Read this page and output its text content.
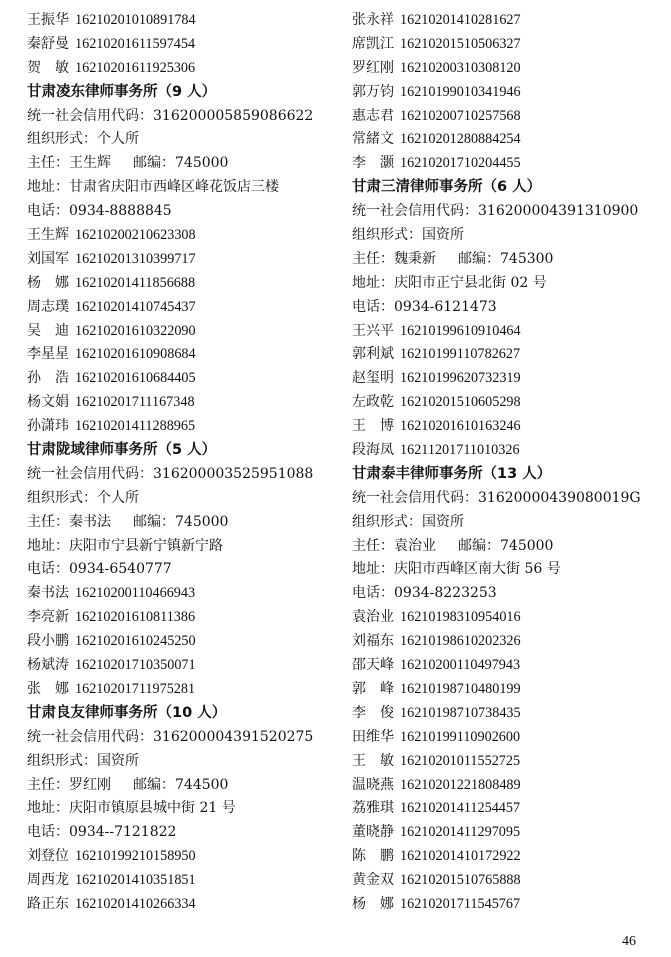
王振华 16210201010891784
秦舒曼 16210201611597454
贺　敏 16210201611925306
甘肃凌东律师事务所（9 人）
统一社会信用代码：316200005859086622
组织形式：个人所
主任：王生辉 邮编：745000
地址：甘肃省庆阳市西峰区峰花饭店三楼
电话：0934-8888845
王生辉 16210200210623308
刘国军 16210201310399717
杨　娜 16210201411856688
周志璞 16210201410745437
吴　迪 16210201610322090
李星星 16210201610908684
孙　浩 16210201610684405
杨文娟 16210201711167348
孙潇玮 16210201411288965
甘肃陇域律师事务所（5 人）
统一社会信用代码：316200003525951088
组织形式：个人所
主任：秦书法 邮编：745000
地址：庆阳市宁县新宁镇新宁路
电话：0934-6540777
秦书法 16210200110466943
李亮新 16210201610811386
段小鹏 16210201610245250
杨斌涛 16210201710350071
张　娜 16210201711975281
甘肃良友律师事务所（10 人）
统一社会信用代码：316200004391520275
组织形式：国资所
主任：罗红刚 邮编：744500
地址：庆阳市镇原县城中街 21 号
电话：0934--7121822
刘登位 16210199210158950
周西龙 16210201410351851
路正东 16210201410266334
张永祥 16210201410281627
席凯江 16210201510506327
罗红刚 16210200310308120
郭万钧 16210199010341946
惠志君 16210200710257568
常緒文 16210201280884254
李　灏 16210201710204455
甘肃三清律师事务所（6 人）
统一社会信用代码：316200004391310900
组织形式：国资所
主任：魏秉新 邮编：745300
地址：庆阳市正宁县北街 02 号
电话：0934-6121473
王兴平 16210199610910464
郭利斌 16210199110782627
赵玺明 16210199620732319
左政乾 16210201510605298
王　博 16210201610163246
段海凤 16211201711010326
甘肃泰丰律师事务所（13 人）
统一社会信用代码：31620000439080019G
组织形式：国资所
主任：袁治业 邮编：745000
地址：庆阳市西峰区南大街 56 号
电话：0934-8223253
袁治业 16210198310954016
刘福东 16210198610202326
邵天峰 16210200110497943
郭　峰 16210198710480199
李　俊 16210198710738435
田维华 16210199110902600
王　敏 16210201011552725
温晓燕 16210201221808489
荔雅琪 16210201411254457
董晓静 16210201411297095
陈　鹏 16210201410172922
黄金双 16210201510765888
杨　娜 16210201711545767
46
